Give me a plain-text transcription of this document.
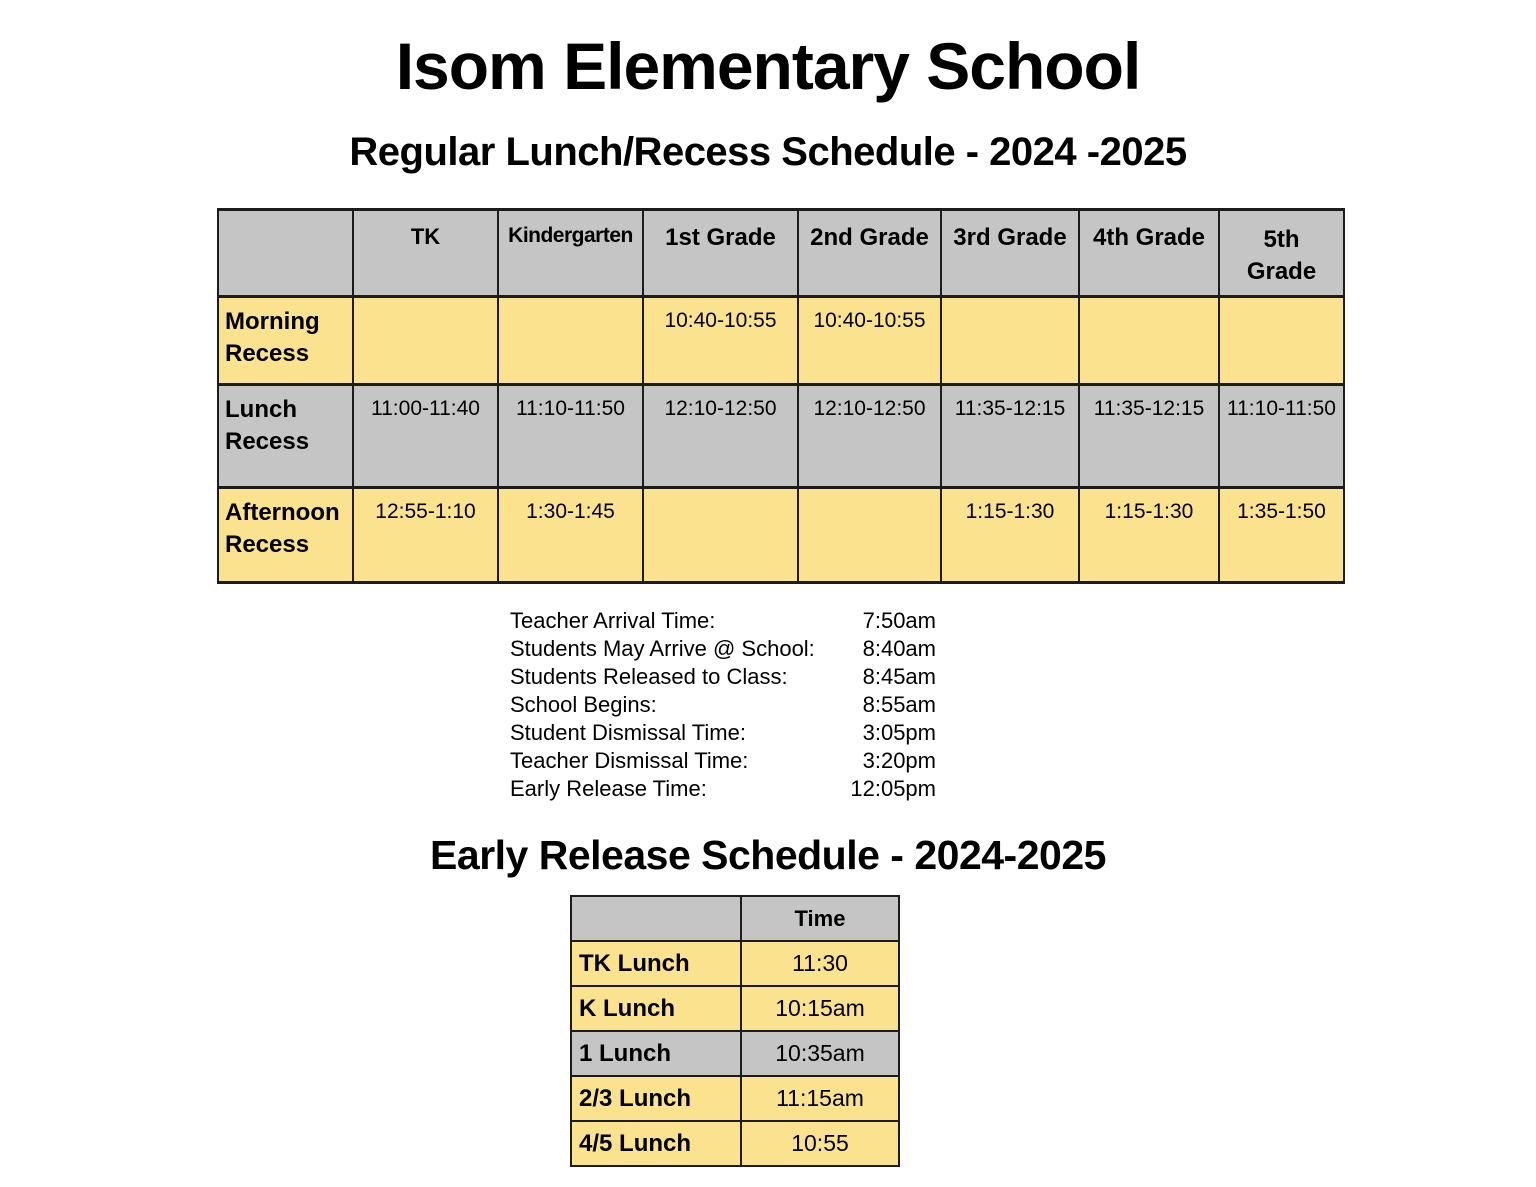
Isom Elementary School
Regular Lunch/Recess Schedule - 2024 -2025
	TK	Kindergarten	1st Grade	2nd Grade	3rd Grade	4th Grade	5th Grade
Morning Recess			10:40-10:55	10:40-10:55			
Lunch Recess	11:00-11:40	11:10-11:50	12:10-12:50	12:10-12:50	11:35-12:15	11:35-12:15	11:10-11:50
Afternoon Recess	12:55-1:10	1:30-1:45			1:15-1:30	1:15-1:30	1:35-1:50
Teacher Arrival Time:	7:50am
Students May Arrive @ School: 8:40am
Students Released to Class:	8:45am
School Begins:	8:55am
Student Dismissal Time:	3:05pm
Teacher Dismissal Time:	3:20pm
Early Release Time:	12:05pm
Early Release Schedule - 2024-2025
	Time
TK Lunch	11:30
K Lunch	10:15am
1 Lunch	10:35am
2/3 Lunch	11:15am
4/5 Lunch	10:55
